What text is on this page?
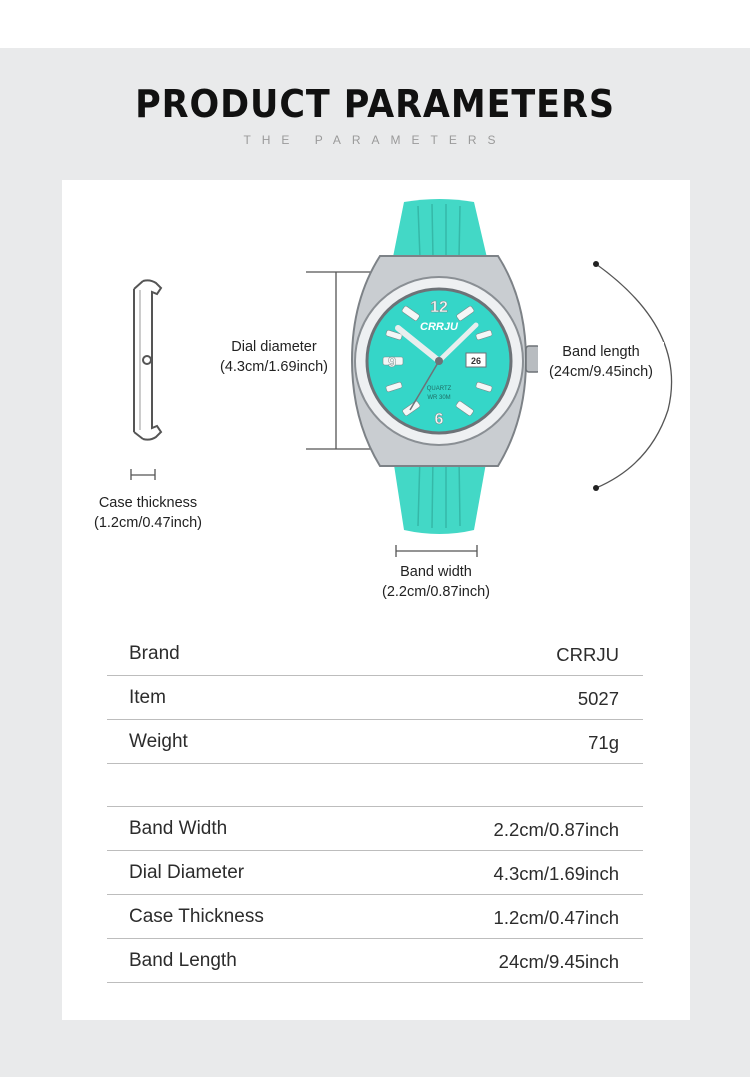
PRODUCT PARAMETERS
THE PARAMETERS
CRRJU
12
6
9	26
QUARTZ
WR 30M
Case thickness
(1.2cm/0.47inch)
Dial diameter
(4.3cm/1.69inch)
Band length
(24cm/9.45inch)
Band width
(2.2cm/0.87inch)
Brand	CRRJU
Item	5027
Weight	71g
Band Width	2.2cm/0.87inch
Dial Diameter	4.3cm/1.69inch
Case Thickness	1.2cm/0.47inch
Band Length	24cm/9.45inch
